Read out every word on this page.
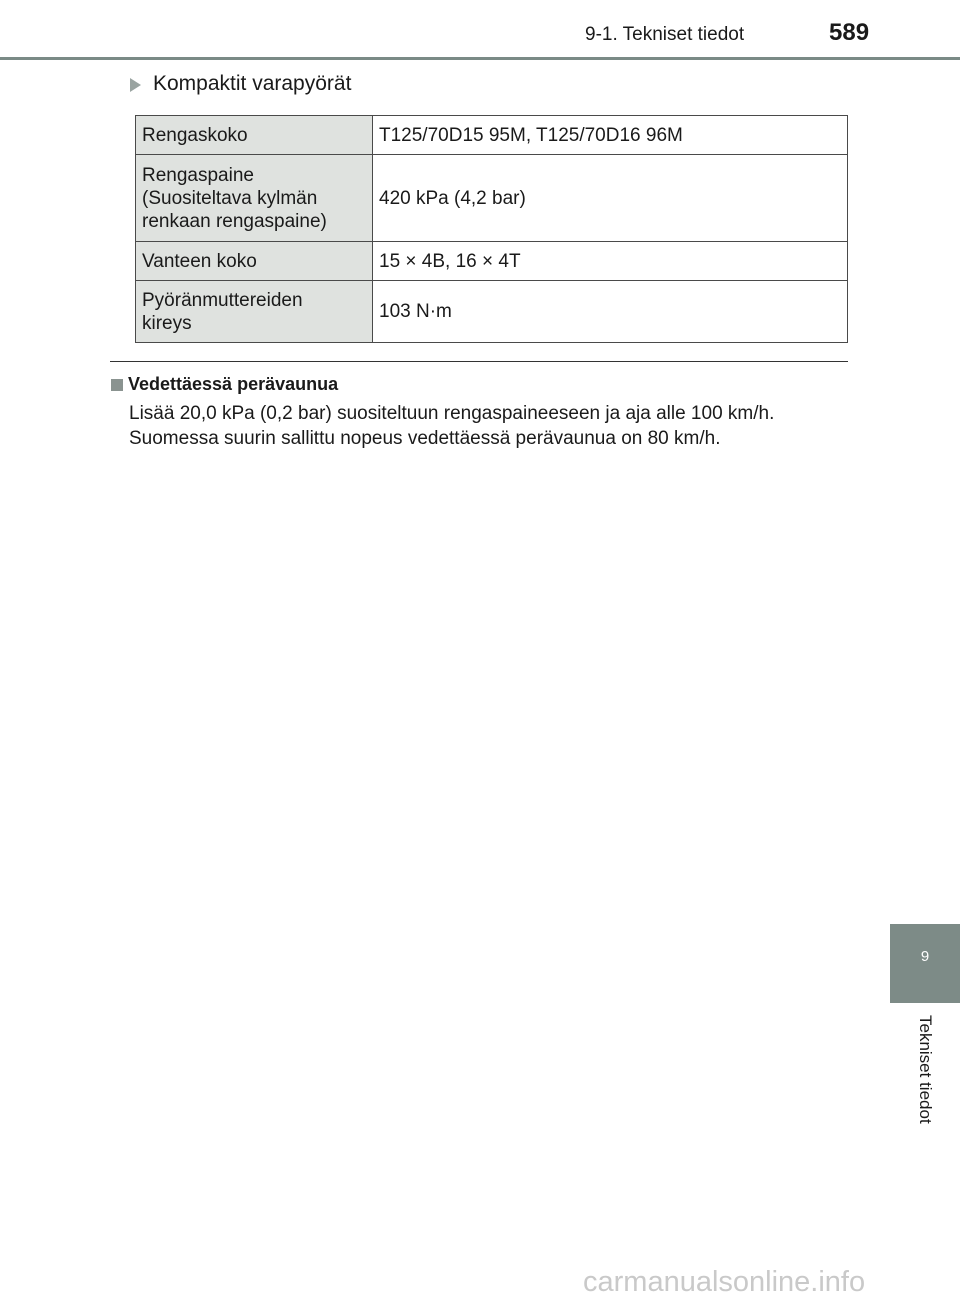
9-1. Tekniset tiedot	589
Kompaktit varapyörät
Rengaskoko	T125/70D15 95M, T125/70D16 96M

Rengaspaine
(Suositeltava kylmän
renkaan rengaspaine)	420 kPa (4,2 bar)
Vanteen koko	15 × 4B, 16 × 4T

Pyöränmuttereiden
kireys	103 N·m
Vedettäessä perävaunua

Lisää 20,0 kPa (0,2 bar) suositeltuun rengaspaineeseen ja aja alle 100 km/h.

Suomessa suurin sallittu nopeus vedettäessä perävaunua on 80 km/h.

9
Tekniset tiedot
carmanualsonline.info
